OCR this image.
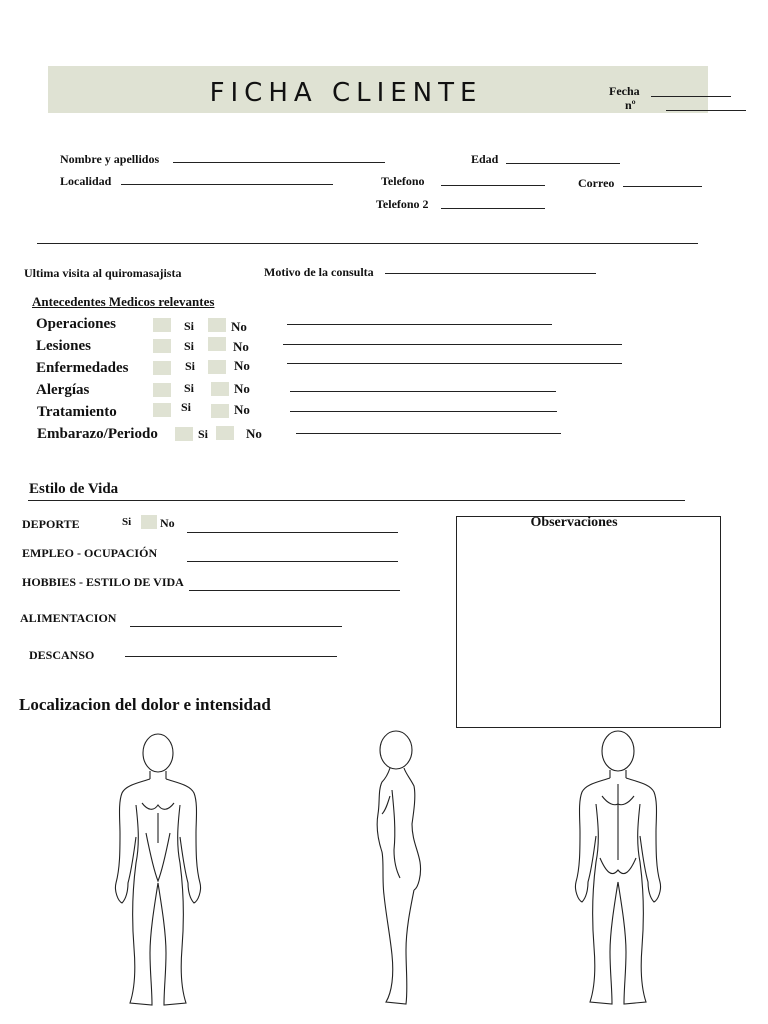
FICHA CLIENTE	Fecha
nº
Nombre y apellidos	Edad
Localidad	Telefono	Correo
Telefono 2
Ultima visita al quiromasajista	Motivo de la consulta
Antecedentes Medicos relevantes
Operaciones	Si	No
Lesiones	Si	No
Enfermedades	Si	No
Alergías	Si	No
Tratamiento	Si	No
Embarazo/Periodo	Si	No
Estilo de Vida
DEPORTE	Si No
EMPLEO - OCUPACIÓN
HOBBIES - ESTILO DE VIDA
ALIMENTACION
DESCANSO
Observaciones
Localizacion del dolor e intensidad
